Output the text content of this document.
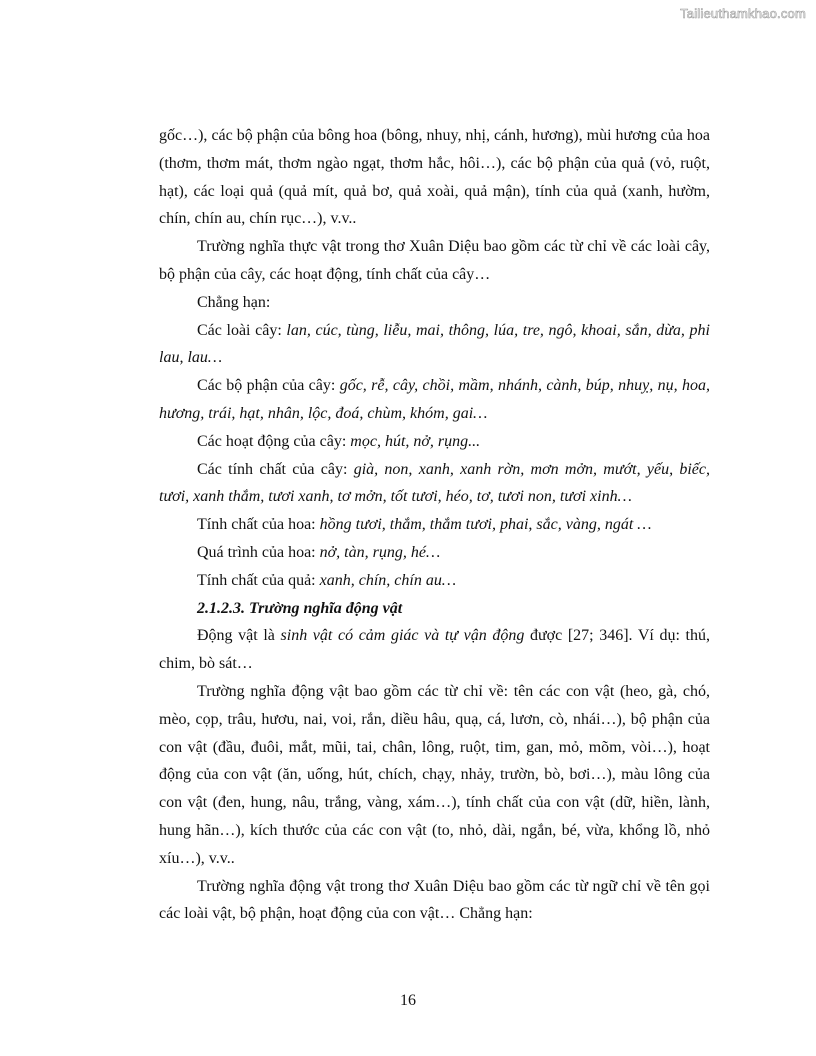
Tailieuthamkhao.com

gốc…), các bộ phận của bông hoa (bông, nhuy, nhị, cánh, hương), mùi hương của hoa (thơm, thơm mát, thơm ngào ngạt, thơm hắc, hôi…), các bộ phận của quả (vỏ, ruột, hạt), các loại quả (quả mít, quả bơ, quả xoài, quả mận), tính của quả (xanh, hườm, chín, chín au, chín rục…), v.v..

Trường nghĩa thực vật trong thơ Xuân Diệu bao gồm các từ chỉ về các loài cây, bộ phận của cây, các hoạt động, tính chất của cây…

Chẳng hạn:

Các loài cây: lan, cúc, tùng, liễu, mai, thông, lúa, tre, ngô, khoai, sắn, dừa, phi lau, lau…

Các bộ phận của cây: gốc, rễ, cây, chồi, mầm, nhánh, cành, búp, nhuỵ, nụ, hoa, hương, trái, hạt, nhân, lộc, đoá, chùm, khóm, gai…

Các hoạt động của cây: mọc, hút, nở, rụng...

Các tính chất của cây: già, non, xanh, xanh rờn, mơn mởn, mướt, yếu, biếc, tươi, xanh thắm, tươi xanh, tơ mởn, tốt tươi, héo, tơ, tươi non, tươi xinh…

Tính chất của hoa: hồng tươi, thắm, thắm tươi, phai, sắc, vàng, ngát …

Quá trình của hoa: nở, tàn, rụng, hé…

Tính chất của quả: xanh, chín, chín au…

2.1.2.3. Trường nghĩa động vật

Động vật là sinh vật có cảm giác và tự vận động được [27; 346]. Ví dụ: thú, chim, bò sát…

Trường nghĩa động vật bao gồm các từ chỉ về: tên các con vật (heo, gà, chó, mèo, cọp, trâu, hươu, nai, voi, rắn, diều hâu, quạ, cá, lươn, cò, nhái…), bộ phận của con vật (đầu, đuôi, mắt, mũi, tai, chân, lông, ruột, tim, gan, mỏ, mõm, vòi…), hoạt động của con vật (ăn, uống, hút, chích, chạy, nhảy, trườn, bò, bơi…), màu lông của con vật (đen, hung, nâu, trắng, vàng, xám…), tính chất của con vật (dữ, hiền, lành, hung hãn…), kích thước của các con vật (to, nhỏ, dài, ngắn, bé, vừa, khổng lồ, nhỏ xíu…), v.v..

Trường nghĩa động vật trong thơ Xuân Diệu bao gồm các từ ngữ chỉ về tên gọi các loài vật, bộ phận, hoạt động của con vật… Chẳng hạn:

16
